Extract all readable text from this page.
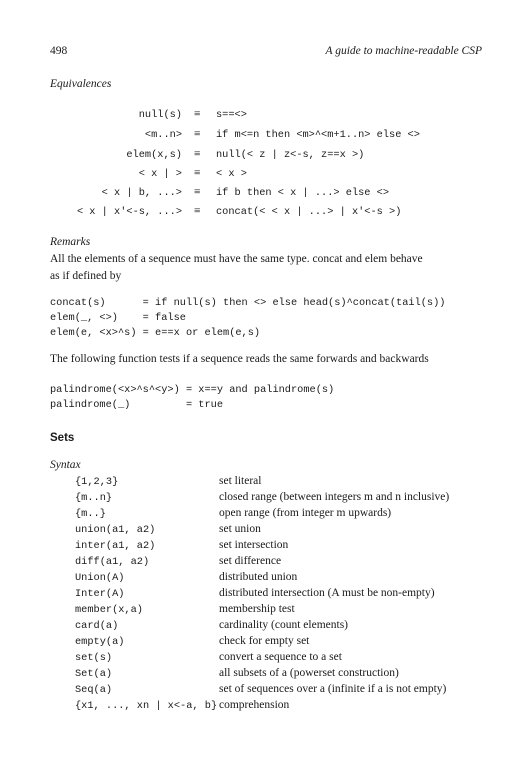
498	A guide to machine-readable CSP
Equivalences
null(s) ≡ s==<>
<m..n> ≡ if m<=n then <m>^<m+1..n> else <>
elem(x,s) ≡ null(< z | z<-s, z==x >)
< x | > ≡ < x >
< x | b, ...> ≡ if b then < x | ...> else <>
< x | x'<-s, ...> ≡ concat(< < x | ...> | x'<-s >)
Remarks
All the elements of a sequence must have the same type. concat and elem behave
as if defined by
concat(s)      = if null(s) then <> else head(s)^concat(tail(s))
elem(_, <>)    = false
elem(e, <x>^s) = e==x or elem(e,s)
The following function tests if a sequence reads the same forwards and backwards
palindrome(<x>^s^<y>) = x==y and palindrome(s)
palindrome(_)         = true
Sets
Syntax
{1,2,3}	set literal
{m..n}	closed range (between integers m and n inclusive)
{m..}	open range (from integer m upwards)
union(a1, a2)	set union
inter(a1, a2)	set intersection
diff(a1, a2)	set difference
Union(A)	distributed union
Inter(A)	distributed intersection (A must be non-empty)
member(x,a)	membership test
card(a)	cardinality (count elements)
empty(a)	check for empty set
set(s)	convert a sequence to a set
Set(a)	all subsets of a (powerset construction)
Seq(a)	set of sequences over a (infinite if a is not empty)
{x1, ..., xn | x<-a, b} comprehension
